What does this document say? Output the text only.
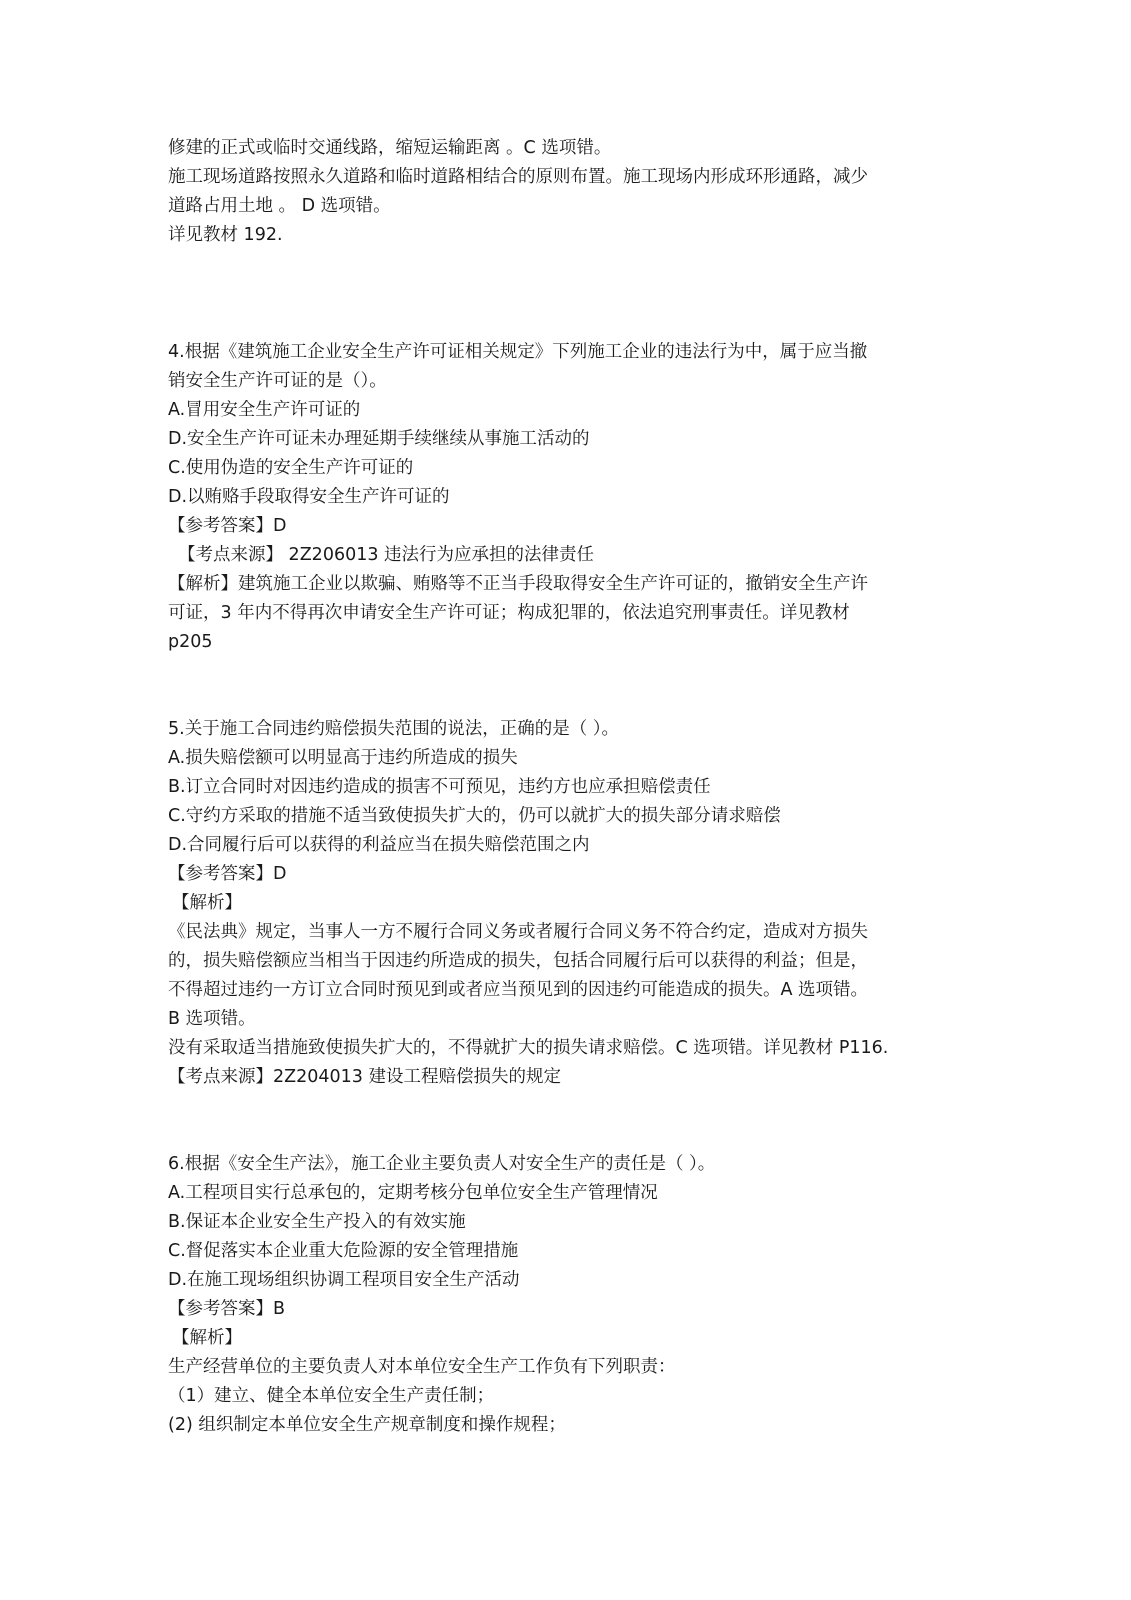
修建的正式或临时交通线路，缩短运输距离 。C 选项错。
施工现场道路按照永久道路和临时道路相结合的原则布置。施工现场内形成环形通路，减少
道路占用土地 。 D 选项错。
详见教材 192.
4.根据《建筑施工企业安全生产许可证相关规定》下列施工企业的违法行为中，属于应当撤
销安全生产许可证的是（）。
A.冒用安全生产许可证的
D.安全生产许可证未办理延期手续继续从事施工活动的
C.使用伪造的安全生产许可证的
D.以贿赂手段取得安全生产许可证的
【参考答案】D
【考点来源】 2Z206013 违法行为应承担的法律责任
【解析】建筑施工企业以欺骗、贿赂等不正当手段取得安全生产许可证的，撤销安全生产许
可证，3 年内不得再次申请安全生产许可证；构成犯罪的，依法追究刑事责任。详见教材
p205
5.关于施工合同违约赔偿损失范围的说法，正确的是（ ）。
A.损失赔偿额可以明显高于违约所造成的损失
B.订立合同时对因违约造成的损害不可预见，违约方也应承担赔偿责任
C.守约方采取的措施不适当致使损失扩大的，仍可以就扩大的损失部分请求赔偿
D.合同履行后可以获得的利益应当在损失赔偿范围之内
【参考答案】D
【解析】
《民法典》规定，当事人一方不履行合同义务或者履行合同义务不符合约定，造成对方损失
的，损失赔偿额应当相当于因违约所造成的损失，包括合同履行后可以获得的利益；但是，
不得超过违约一方订立合同时预见到或者应当预见到的因违约可能造成的损失。A 选项错。
B 选项错。
没有采取适当措施致使损失扩大的，不得就扩大的损失请求赔偿。C 选项错。详见教材 P116.
【考点来源】2Z204013 建设工程赔偿损失的规定
6.根据《安全生产法》，施工企业主要负责人对安全生产的责任是（ ）。
A.工程项目实行总承包的，定期考核分包单位安全生产管理情况
B.保证本企业安全生产投入的有效实施
C.督促落实本企业重大危险源的安全管理措施
D.在施工现场组织协调工程项目安全生产活动
【参考答案】B
【解析】
生产经营单位的主要负责人对本单位安全生产工作负有下列职责：
（1）建立、健全本单位安全生产责任制；
(2) 组织制定本单位安全生产规章制度和操作规程；
